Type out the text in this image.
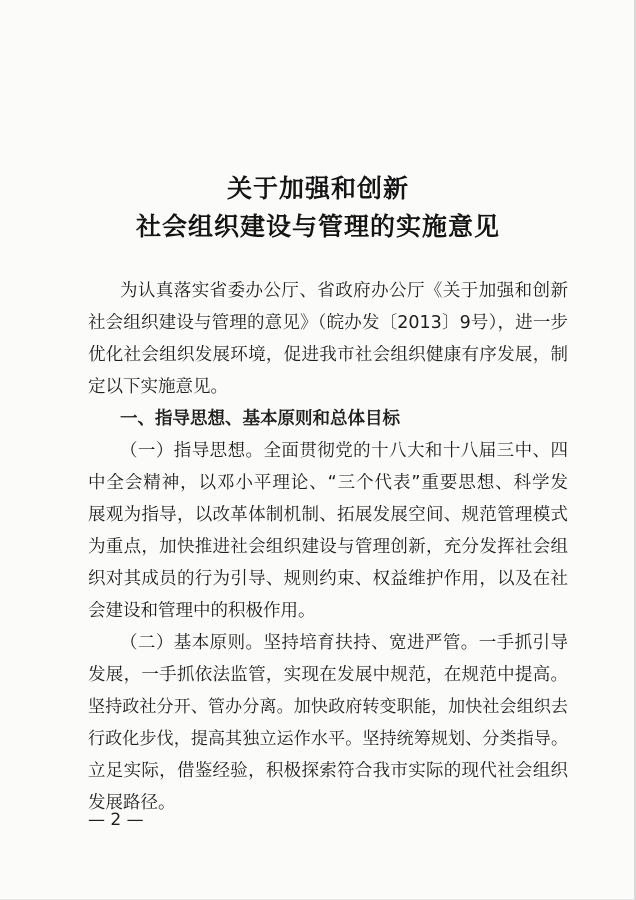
关于加强和创新
社会组织建设与管理的实施意见
为认真落实省委办公厅、省政府办公厅《关于加强和创新
社会组织建设与管理的意见》（皖办发〔2013〕9号），进一步
优化社会组织发展环境，促进我市社会组织健康有序发展，制
定以下实施意见。
一、指导思想、基本原则和总体目标
（一）指导思想。全面贯彻党的十八大和十八届三中、四
中全会精神，以邓小平理论、“三个代表”重要思想、科学发
展观为指导，以改革体制机制、拓展发展空间、规范管理模式
为重点，加快推进社会组织建设与管理创新，充分发挥社会组
织对其成员的行为引导、规则约束、权益维护作用，以及在社
会建设和管理中的积极作用。
（二）基本原则。坚持培育扶持、宽进严管。一手抓引导
发展，一手抓依法监管，实现在发展中规范，在规范中提高。
坚持政社分开、管办分离。加快政府转变职能，加快社会组织去
行政化步伐，提高其独立运作水平。坚持统筹规划、分类指导。
立足实际，借鉴经验，积极探索符合我市实际的现代社会组织
发展路径。
— 2 —
